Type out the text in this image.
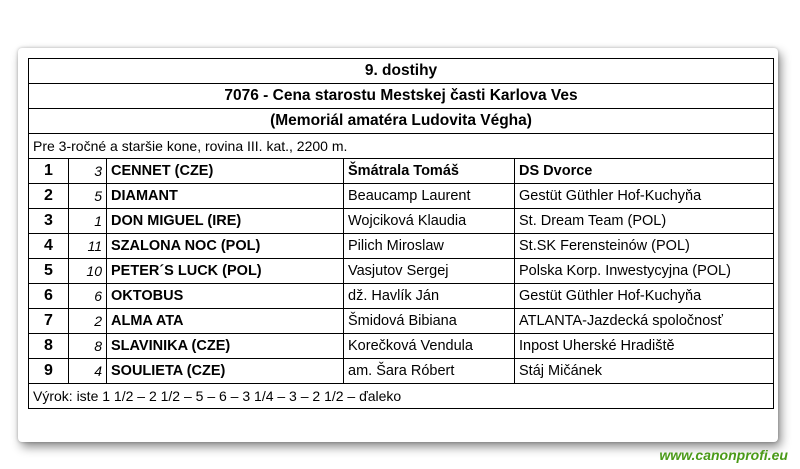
9. dostihy				
7076 - Cena starostu Mestskej časti Karlova Ves				
(Memoriál amatéra Ludovita Végha)				
Pre 3-ročné a staršie kone, rovina III. kat., 2200 m.				
1	3	CENNET (CZE)	Šmátrala Tomáš	DS Dvorce
2	5	DIAMANT	Beaucamp Laurent	Gestüt Güthler Hof-Kuchyňa
3	1	DON MIGUEL (IRE)	Wojciková Klaudia	St. Dream Team (POL)
4	11	SZALONA NOC (POL)	Pilich Miroslaw	St.SK Ferensteinów (POL)
5	10	PETER´S LUCK (POL)	Vasjutov Sergej	Polska Korp. Inwestycyjna (POL)
6	6	OKTOBUS	dž. Havlík Ján	Gestüt Güthler Hof-Kuchyňa
7	2	ALMA ATA	Šmidová Bibiana	ATLANTA-Jazdecká spoločnosť
8	8	SLAVINIKA (CZE)	Korečková Vendula	Inpost Uherské Hradiště
9	4	SOULIETA (CZE)	am. Šara Róbert	Stáj Mičánek
Výrok: iste 1 1/2 – 2 1/2 – 5 – 6 – 3 1/4 – 3 – 2 1/2 – ďaleko				
www.canonprofi.eu
